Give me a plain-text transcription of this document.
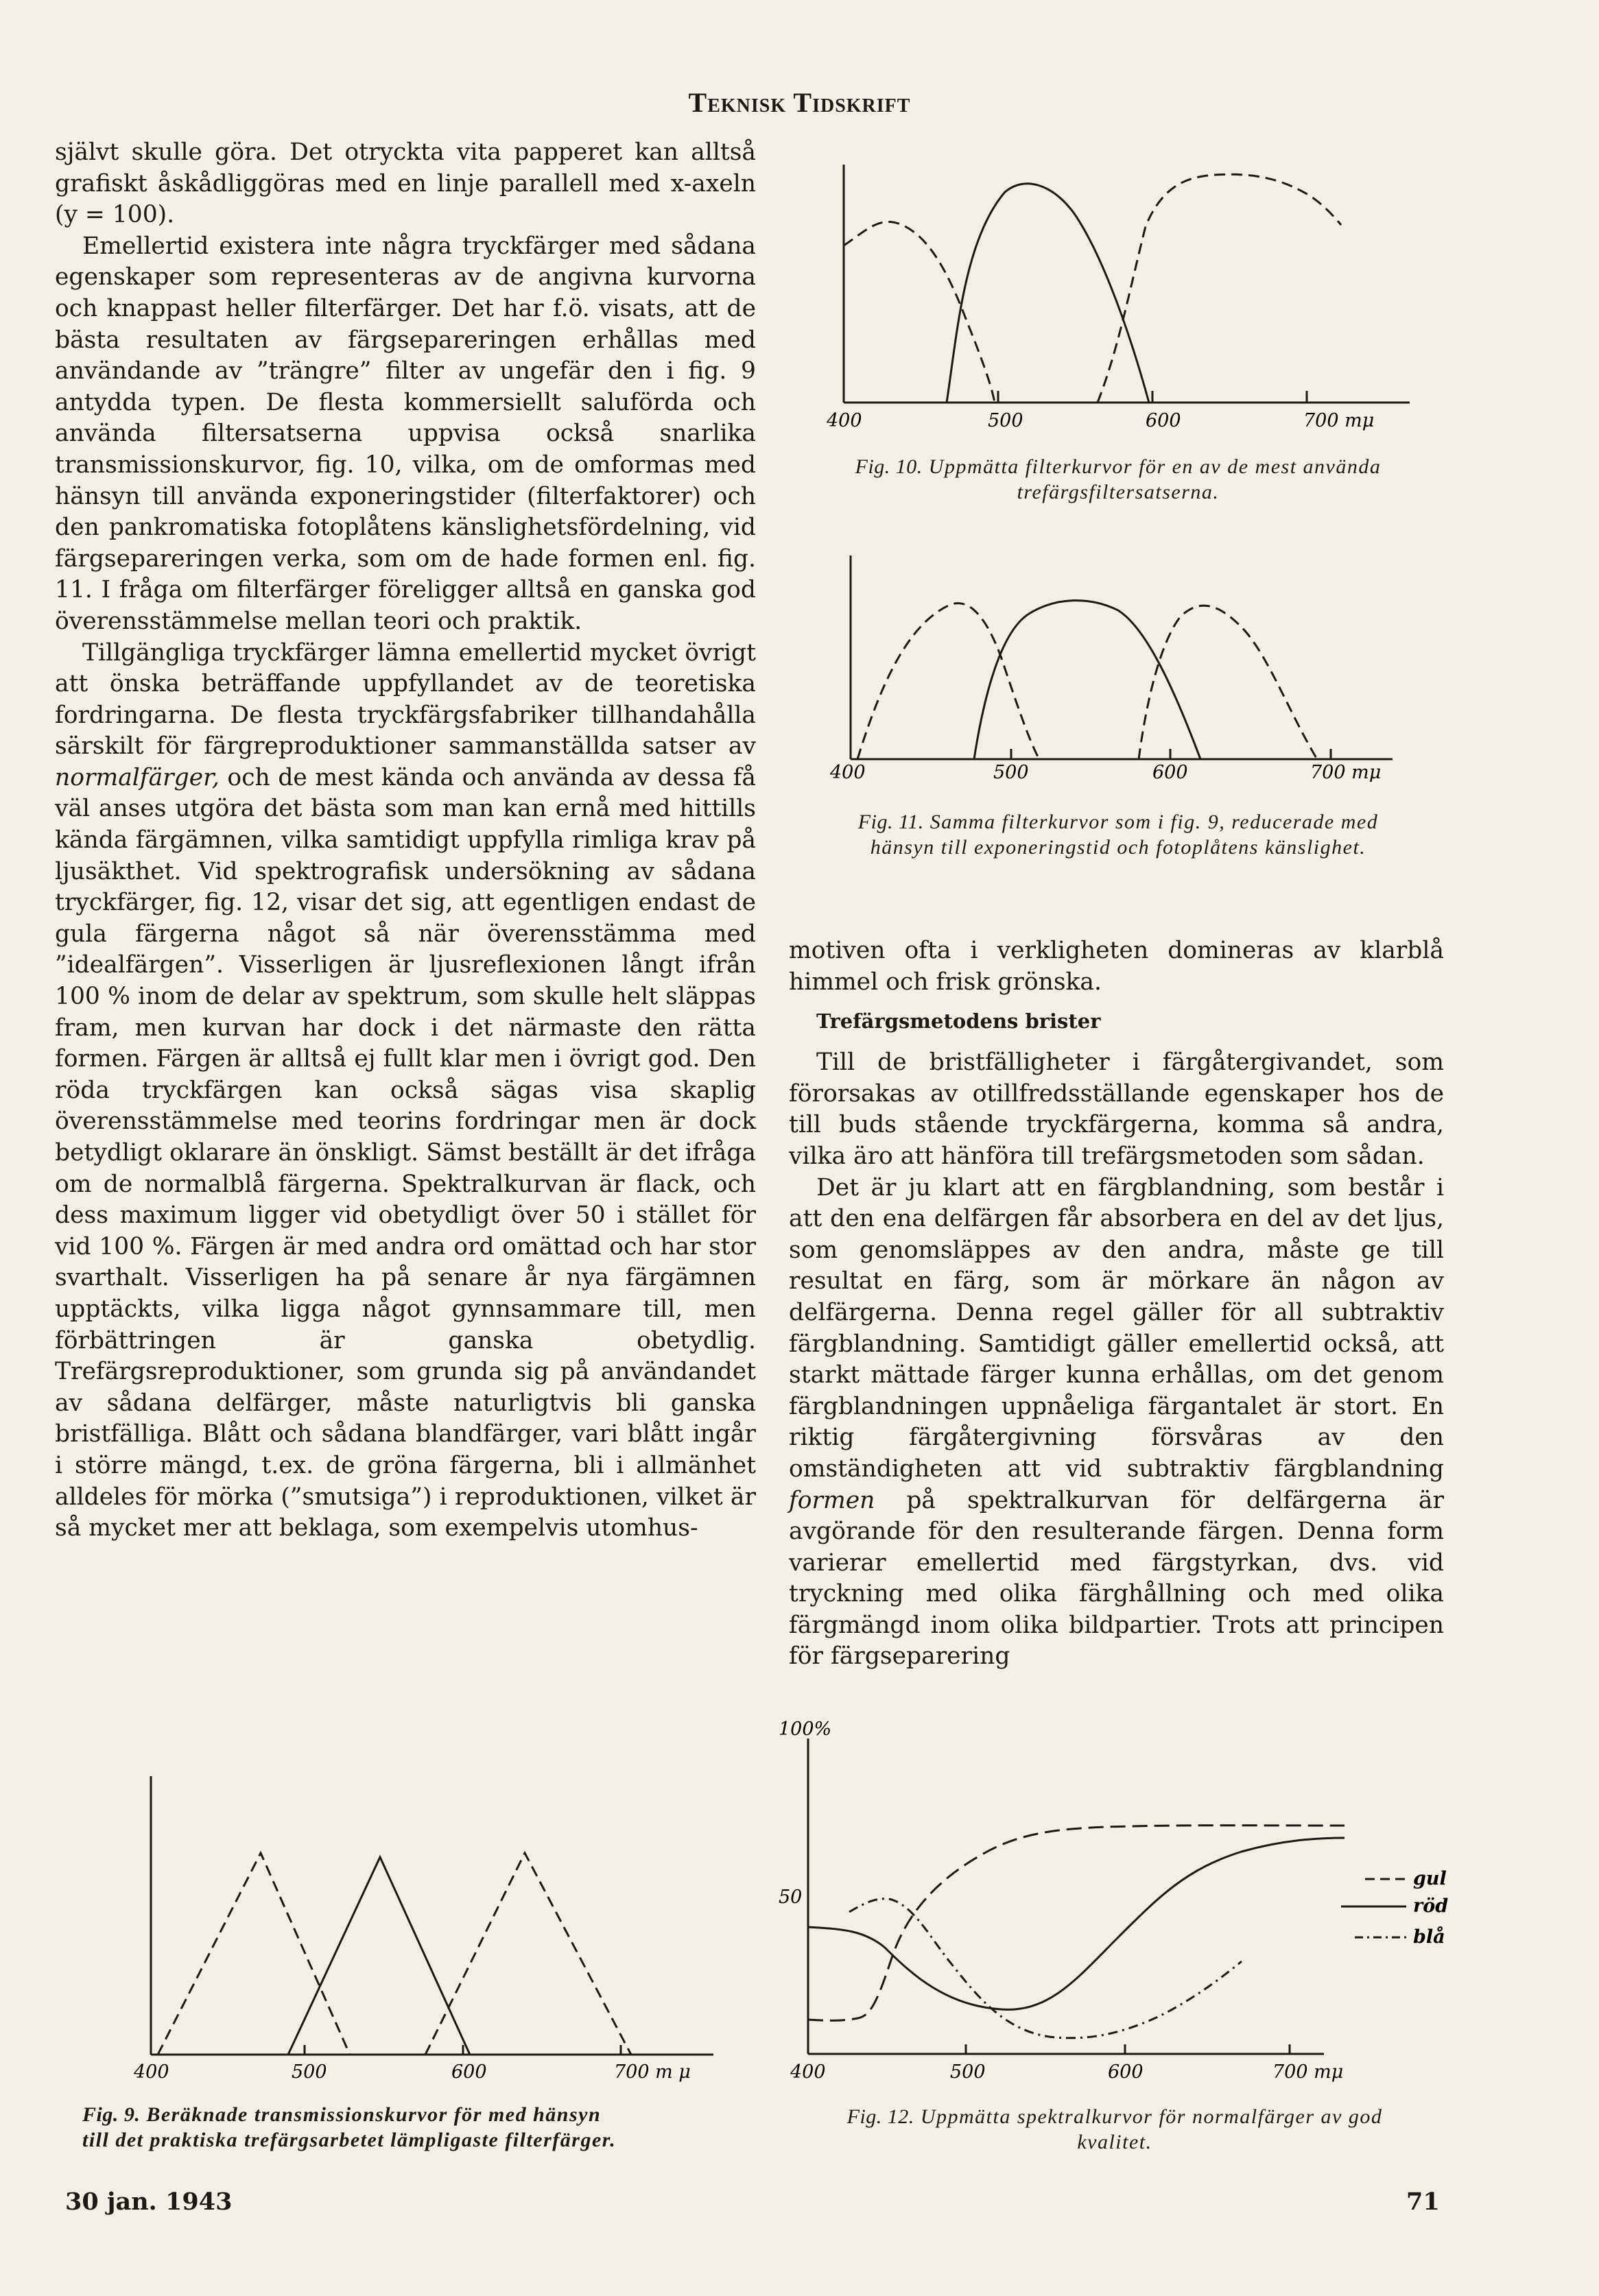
Teknisk Tidskrift

självt skulle göra. Det otryckta vita papperet kan alltså grafiskt åskådliggöras med en linje parallell med x-axeln (y = 100).

Emellertid existera inte några tryckfärger med sådana egenskaper som representeras av de angivna kurvorna och knappast heller filterfärger. Det har f.ö. visats, att de bästa resultaten av färgsepareringen erhållas med användande av ”trängre” filter av ungefär den i fig. 9 antydda typen. De flesta kommersiellt saluförda och använda filtersatserna uppvisa också snarlika transmissionskurvor, fig. 10, vilka, om de omformas med hänsyn till använda exponeringstider (filterfaktorer) och den pankromatiska fotoplåtens känslighetsfördelning, vid färgsepareringen verka, som om de hade formen enl. fig. 11. I fråga om filterfärger föreligger alltså en ganska god överensstämmelse mellan teori och praktik.

Tillgängliga tryckfärger lämna emellertid mycket övrigt att önska beträffande uppfyllandet av de teoretiska fordringarna. De flesta tryckfärgsfabriker tillhandahålla särskilt för färgreproduktioner sammanställda satser av normalfärger, och de mest kända och använda av dessa få väl anses utgöra det bästa som man kan ernå med hittills kända färgämnen, vilka samtidigt uppfylla rimliga krav på ljusäkthet. Vid spektrografisk undersökning av sådana tryckfärger, fig. 12, visar det sig, att egentligen endast de gula färgerna något så när överensstämma med ”idealfärgen”. Visserligen är ljusreflexionen långt ifrån 100 % inom de delar av spektrum, som skulle helt släppas fram, men kurvan har dock i det närmaste den rätta formen. Färgen är alltså ej fullt klar men i övrigt god. Den röda tryckfärgen kan också sägas visa skaplig överensstämmelse med teorins fordringar men är dock betydligt oklarare än önskligt. Sämst beställt är det ifråga om de normalblå färgerna. Spektralkurvan är flack, och dess maximum ligger vid obetydligt över 50 i stället för vid 100 %. Färgen är med andra ord omättad och har stor svarthalt. Visserligen ha på senare år nya färgämnen upptäckts, vilka ligga något gynnsammare till, men förbättringen är ganska obetydlig. Trefärgsreproduktioner, som grunda sig på användandet av sådana delfärger, måste naturligtvis bli ganska bristfälliga. Blått och sådana blandfärger, vari blått ingår i större mängd, t.ex. de gröna färgerna, bli i allmänhet alldeles för mörka (”smutsiga”) i reproduktionen, vilket är så mycket mer att beklaga, som exempelvis utomhus-

motiven ofta i verkligheten domineras av klarblå himmel och frisk grönska.

Trefärgsmetodens brister

Till de bristfälligheter i färgåtergivandet, som förorsakas av otillfredsställande egenskaper hos de till buds stående tryckfärgerna, komma så andra, vilka äro att hänföra till trefärgsmetoden som sådan.

Det är ju klart att en färgblandning, som består i att den ena delfärgen får absorbera en del av det ljus, som genomsläppes av den andra, måste ge till resultat en färg, som är mörkare än någon av delfärgerna. Denna regel gäller för all subtraktiv färgblandning. Samtidigt gäller emellertid också, att starkt mättade färger kunna erhållas, om det genom färgblandningen uppnåeliga färgantalet är stort. En riktig färgåtergivning försvåras av den omständigheten att vid subtraktiv färgblandning formen på spektralkurvan för delfärgerna är avgörande för den resulterande färgen. Denna form varierar emellertid med färgstyrkan, dvs. vid tryckning med olika färghållning och med olika färgmängd inom olika bildpartier. Trots att principen för färgseparering

400	500	600	700 mμ
Fig. 10. Uppmätta filterkurvor för en av de mest använda
trefärgsfiltersatserna.
400	500	600	700 mμ
Fig. 11. Samma filterkurvor som i fig. 9, reducerade med
hänsyn till exponeringstid och fotoplåtens känslighet.
400	500	600	700 m μ
Fig. 9. Beräknade transmissionskurvor för med hänsyn
till det praktiska trefärgsarbetet lämpligaste filterfärger.
100%
50
400	500	600	700 mμ
gul
röd
blå
Fig. 12. Uppmätta spektralkurvor för normalfärger av god
kvalitet.
30 jan. 1943	71
